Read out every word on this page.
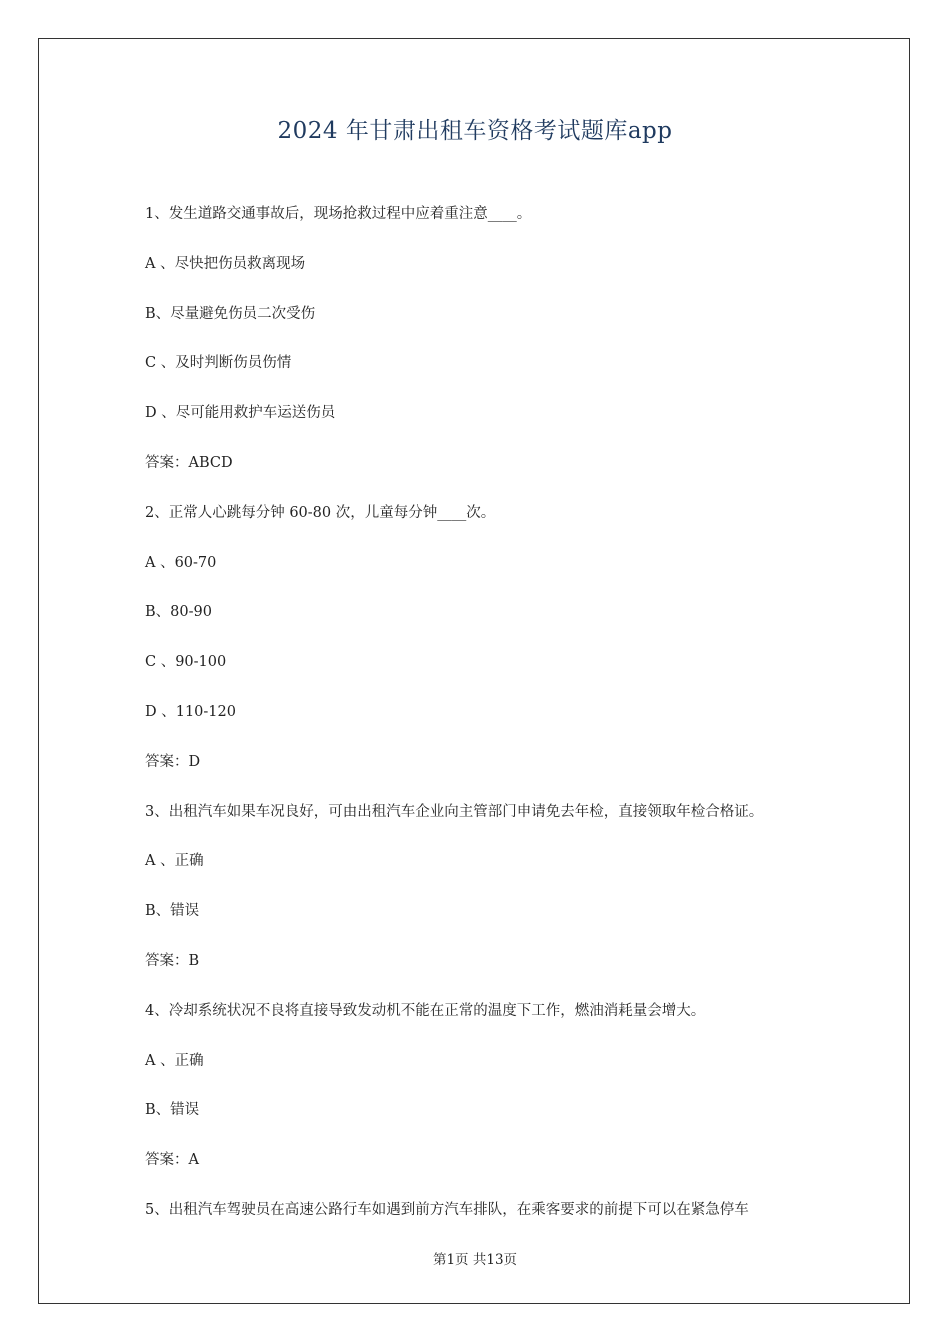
2024 年甘肃出租车资格考试题库app
1、发生道路交通事故后，现场抢救过程中应着重注意____。
A 、尽快把伤员救离现场
B、尽量避免伤员二次受伤
C 、及时判断伤员伤情
D 、尽可能用救护车运送伤员
答案：ABCD
2、正常人心跳每分钟 60-80 次，儿童每分钟____次。
A 、60-70
B、80-90
C 、90-100
D 、110-120
答案：D
3、出租汽车如果车况良好，可由出租汽车企业向主管部门申请免去年检，直接领取年检合格证。
A 、正确
B、错误
答案：B
4、冷却系统状况不良将直接导致发动机不能在正常的温度下工作，燃油消耗量会增大。
A 、正确
B、错误
答案：A
5、出租汽车驾驶员在高速公路行车如遇到前方汽车排队，在乘客要求的前提下可以在紧急停车
第1页 共13页
